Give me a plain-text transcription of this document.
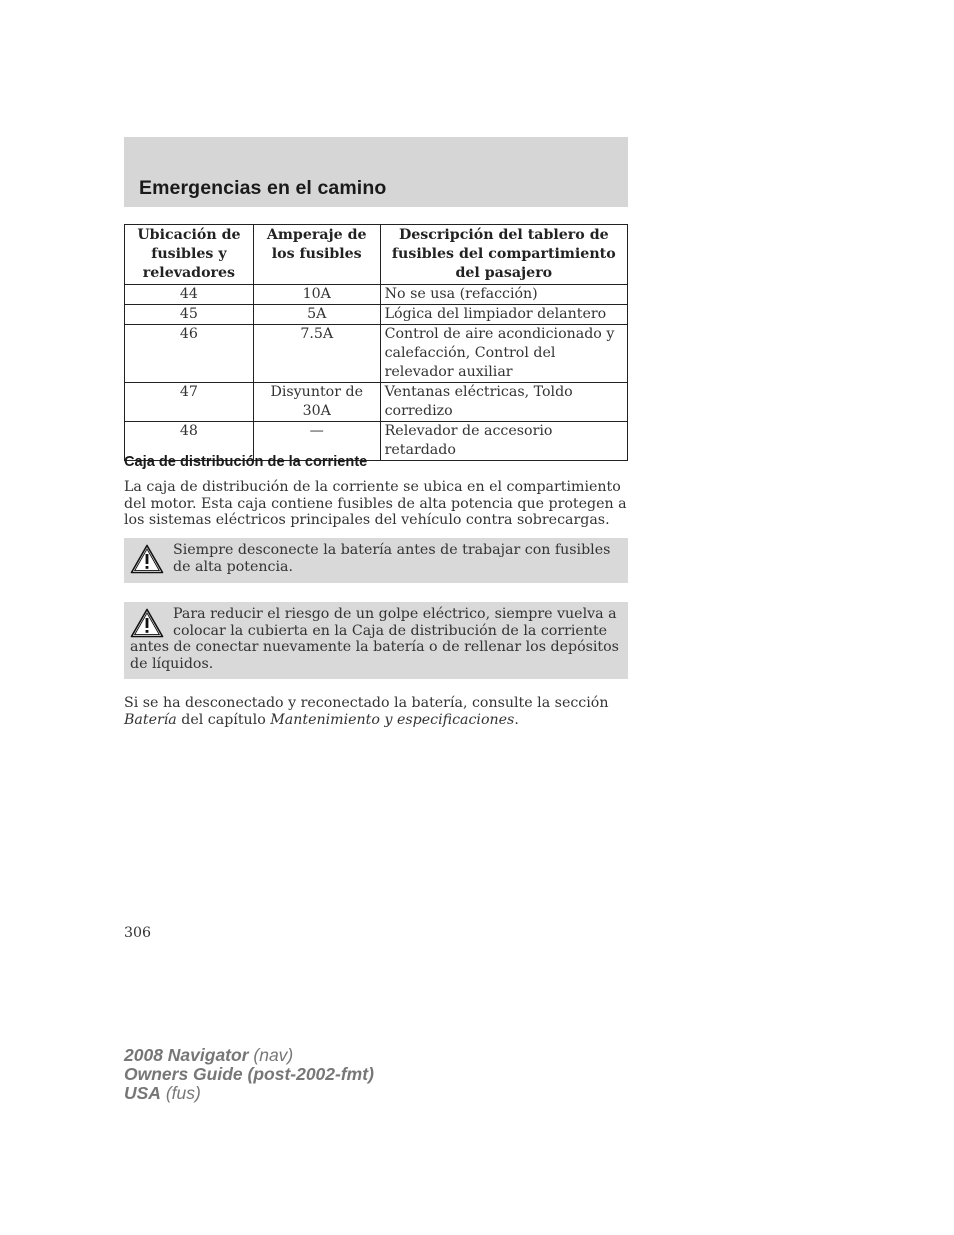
Emergencias en el camino
Ubicación de fusibles y relevadores	Amperaje de los fusibles	Descripción del tablero de fusibles del compartimiento del pasajero
44	10A	No se usa (refacción)
45	5A	Lógica del limpiador delantero
46	7.5A	Control de aire acondicionado y calefacción, Control del relevador auxiliar
47	Disyuntor de 30A	Ventanas eléctricas, Toldo corredizo
48	—	Relevador de accesorio retardado
Caja de distribución de la corriente

La caja de distribución de la corriente se ubica en el compartimiento del motor. Esta caja contiene fusibles de alta potencia que protegen a los sistemas eléctricos principales del vehículo contra sobrecargas.

Siempre desconecte la batería antes de trabajar con fusibles de alta potencia.

Para reducir el riesgo de un golpe eléctrico, siempre vuelva a colocar la cubierta en la Caja de distribución de la corriente antes de conectar nuevamente la batería o de rellenar los depósitos de líquidos.

Si se ha desconectado y reconectado la batería, consulte la sección Batería del capítulo Mantenimiento y especificaciones.

306

2008 Navigator (nav)
Owners Guide (post-2002-fmt)
USA (fus)
